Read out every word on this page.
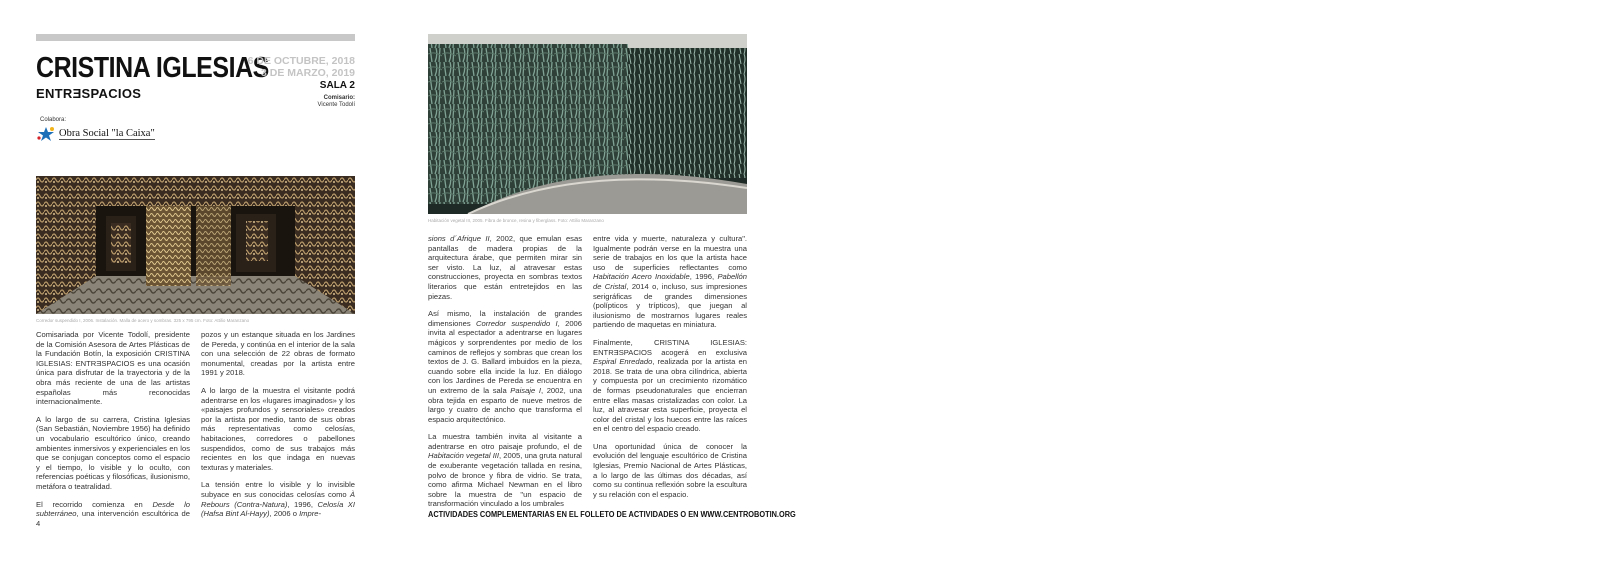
CRISTINA IGLESIAS
ENTRƎSPACIOS
6 DE OCTUBRE, 2018
3 DE MARZO, 2019
SALA 2
Comisario:
Vicente Todolí
Colabora:
Obra Social "la Caixa"
Corredor suspendido I, 2006. Instalación. Malla de acero y sombras. 325 x 795 cm. Foto: Attilio Maranzano
Habitación vegetal III, 2005. Fibra de bronce, resina y fiberglass. Foto: Attilio Maranzano

Comisariada por Vicente Todolí, presidente de la Comisión Asesora de Artes Plásticas de la Fundación Botín, la exposición CRISTINA IGLESIAS: ENTRƎSPACIOS es una ocasión única para disfrutar de la trayectoria y de la obra más reciente de una de las artistas españolas más reconocidas internacionalmente.

A lo largo de su carrera, Cristina Iglesias (San Sebastián, Noviembre 1956) ha definido un vocabulario escultórico único, creando ambientes inmersivos y experienciales en los que se conjugan conceptos como el espacio y el tiempo, lo visible y lo oculto, con referencias poéticas y filosóficas, ilusionismo, metáfora o teatralidad.

El recorrido comienza en Desde lo subterráneo, una intervención escultórica de 4

pozos y un estanque situada en los Jardines de Pereda, y continúa en el interior de la sala con una selección de 22 obras de formato monumental, creadas por la artista entre 1991 y 2018.

A lo largo de la muestra el visitante podrá adentrarse en los «lugares imaginados» y los «paisajes profundos y sensoriales» creados por la artista por medio, tanto de sus obras más representativas como celosías, habitaciones, corredores o pabellones suspendidos, como de sus trabajos más recientes en los que indaga en nuevas texturas y materiales.

La tensión entre lo visible y lo invisible subyace en sus conocidas celosías como À Rebours (Contra-Natura), 1996, Celosía XI (Hafsa Bint Al-Hayy), 2006 o Impre-

sions d´Afrique II, 2002, que emulan esas pantallas de madera propias de la arquitectura árabe, que permiten mirar sin ser visto. La luz, al atravesar estas construcciones, proyecta en sombras textos literarios que están entretejidos en las piezas.

Así mismo, la instalación de grandes dimensiones Corredor suspendido I, 2006 invita al espectador a adentrarse en lugares mágicos y sorprendentes por medio de los caminos de reflejos y sombras que crean los textos de J. G. Ballard imbuidos en la pieza, cuando sobre ella incide la luz. En diálogo con los Jardines de Pereda se encuentra en un extremo de la sala Paisaje I, 2002, una obra tejida en esparto de nueve metros de largo y cuatro de ancho que transforma el espacio arquitectónico.

La muestra también invita al visitante a adentrarse en otro paisaje profundo, el de Habitación vegetal III, 2005, una gruta natural de exuberante vegetación tallada en resina, polvo de bronce y fibra de vidrio. Se trata, como afirma Michael Newman en el libro sobre la muestra de "un espacio de transformación vinculado a los umbrales

entre vida y muerte, naturaleza y cultura". Igualmente podrán verse en la muestra una serie de trabajos en los que la artista hace uso de superficies reflectantes como Habitación Acero Inoxidable, 1996, Pabellón de Cristal, 2014 o, incluso, sus impresiones serigráficas de grandes dimensiones (polípticos y trípticos), que juegan al ilusionismo de mostrarnos lugares reales partiendo de maquetas en miniatura.

Finalmente, CRISTINA IGLESIAS: ENTRƎSPACIOS acogerá en exclusiva Espiral Enredado, realizada por la artista en 2018. Se trata de una obra cilíndrica, abierta y compuesta por un crecimiento rizomático de formas pseudonaturales que encierran entre ellas masas cristalizadas con color. La luz, al atravesar esta superficie, proyecta el color del cristal y los huecos entre las raíces en el centro del espacio creado.

Una oportunidad única de conocer la evolución del lenguaje escultórico de Cristina Iglesias, Premio Nacional de Artes Plásticas, a lo largo de las últimas dos décadas, así como su continua reflexión sobre la escultura y su relación con el espacio.

ACTIVIDADES COMPLEMENTARIAS EN EL FOLLETO DE ACTIVIDADES O EN WWW.CENTROBOTIN.ORG
